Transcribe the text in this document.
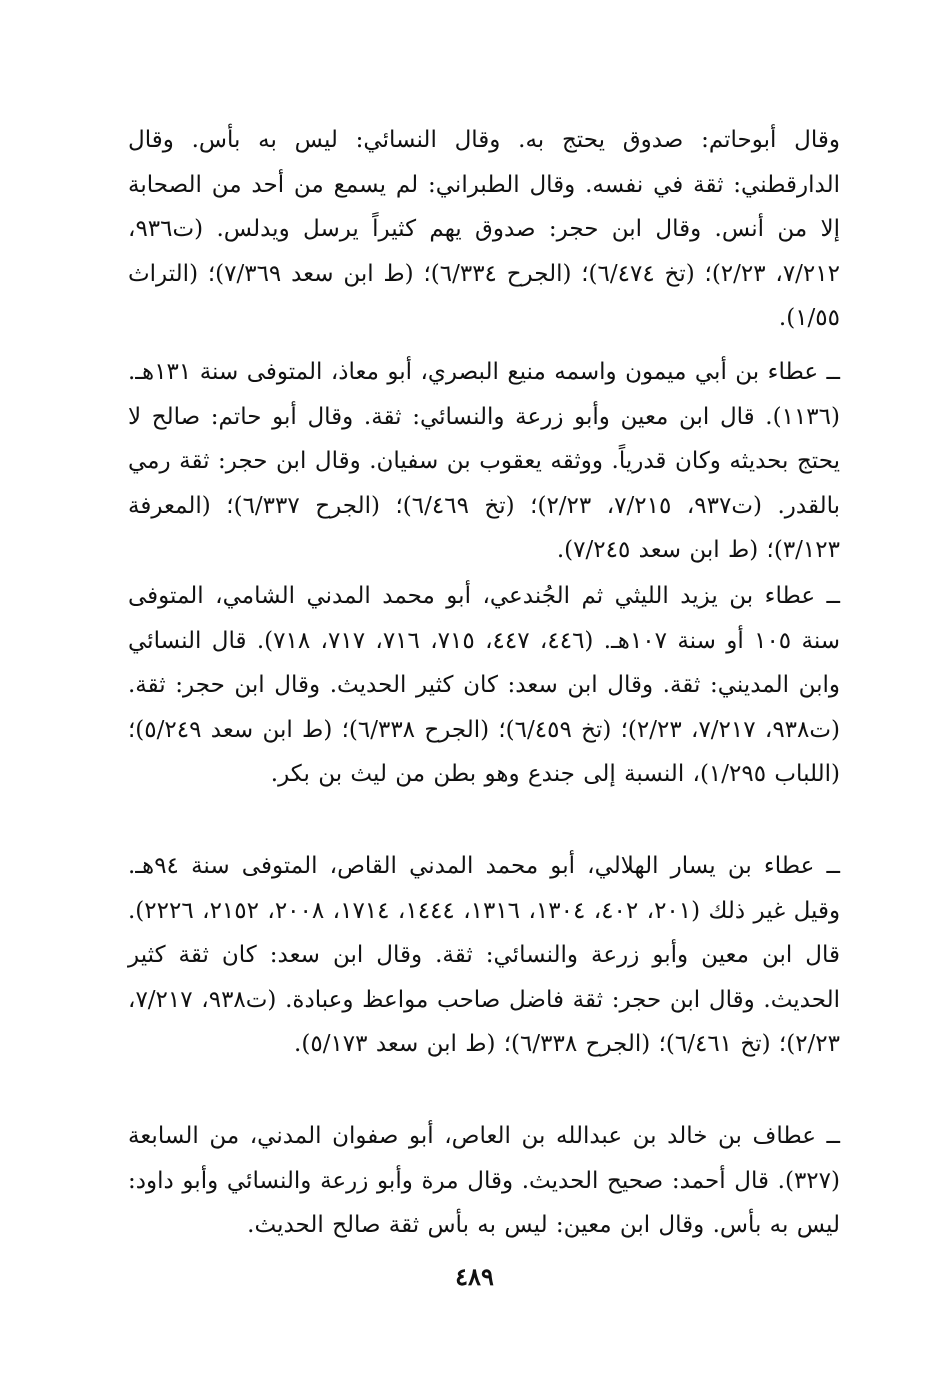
وقال أبوحاتم: صدوق يحتج به. وقال النسائي: ليس به بأس. وقال الدارقطني: ثقة في نفسه. وقال الطبراني: لم يسمع من أحد من الصحابة إلا من أنس. وقال ابن حجر: صدوق يهم كثيراً يرسل ويدلس. (ت٩٣٦، ٧/٢١٢، ٢/٢٣)؛ (تخ ٦/٤٧٤)؛ (الجرح ٦/٣٣٤)؛ (ط ابن سعد ٧/٣٦٩)؛ (التراث ١/٥٥).

ــ عطاء بن أبي ميمون واسمه منيع البصري، أبو معاذ، المتوفى سنة ١٣١هـ. (١١٣٦). قال ابن معين وأبو زرعة والنسائي: ثقة. وقال أبو حاتم: صالح لا يحتج بحديثه وكان قدرياً. ووثقه يعقوب بن سفيان. وقال ابن حجر: ثقة رمي بالقدر. (ت٩٣٧، ٧/٢١٥، ٢/٢٣)؛ (تخ ٦/٤٦٩)؛ (الجرح ٦/٣٣٧)؛ (المعرفة ٣/١٢٣)؛ (ط ابن سعد ٧/٢٤٥).

ــ عطاء بن يزيد الليثي ثم الجُندعي، أبو محمد المدني الشامي، المتوفى سنة ١٠٥ أو سنة ١٠٧هـ. (٤٤٦، ٤٤٧، ٧١٥، ٧١٦، ٧١٧، ٧١٨). قال النسائي وابن المديني: ثقة. وقال ابن سعد: كان كثير الحديث. وقال ابن حجر: ثقة. (ت٩٣٨، ٧/٢١٧، ٢/٢٣)؛ (تخ ٦/٤٥٩)؛ (الجرح ٦/٣٣٨)؛ (ط ابن سعد ٥/٢٤٩)؛ (اللباب ١/٢٩٥)، النسبة إلى جندع وهو بطن من ليث بن بكر.

ــ عطاء بن يسار الهلالي، أبو محمد المدني القاص، المتوفى سنة ٩٤هـ. وقيل غير ذلك (٢٠١، ٤٠٢، ١٣٠٤، ١٣١٦، ١٤٤٤، ١٧١٤، ٢٠٠٨، ٢١٥٢، ٢٢٢٦). قال ابن معين وأبو زرعة والنسائي: ثقة. وقال ابن سعد: كان ثقة كثير الحديث. وقال ابن حجر: ثقة فاضل صاحب مواعظ وعبادة. (ت٩٣٨، ٧/٢١٧، ٢/٢٣)؛ (تخ ٦/٤٦١)؛ (الجرح ٦/٣٣٨)؛ (ط ابن سعد ٥/١٧٣).

ــ عطاف بن خالد بن عبدالله بن العاص، أبو صفوان المدني، من السابعة (٣٢٧). قال أحمد: صحيح الحديث. وقال مرة وأبو زرعة والنسائي وأبو داود: ليس به بأس. وقال ابن معين: ليس به بأس ثقة صالح الحديث.

٤٨٩
